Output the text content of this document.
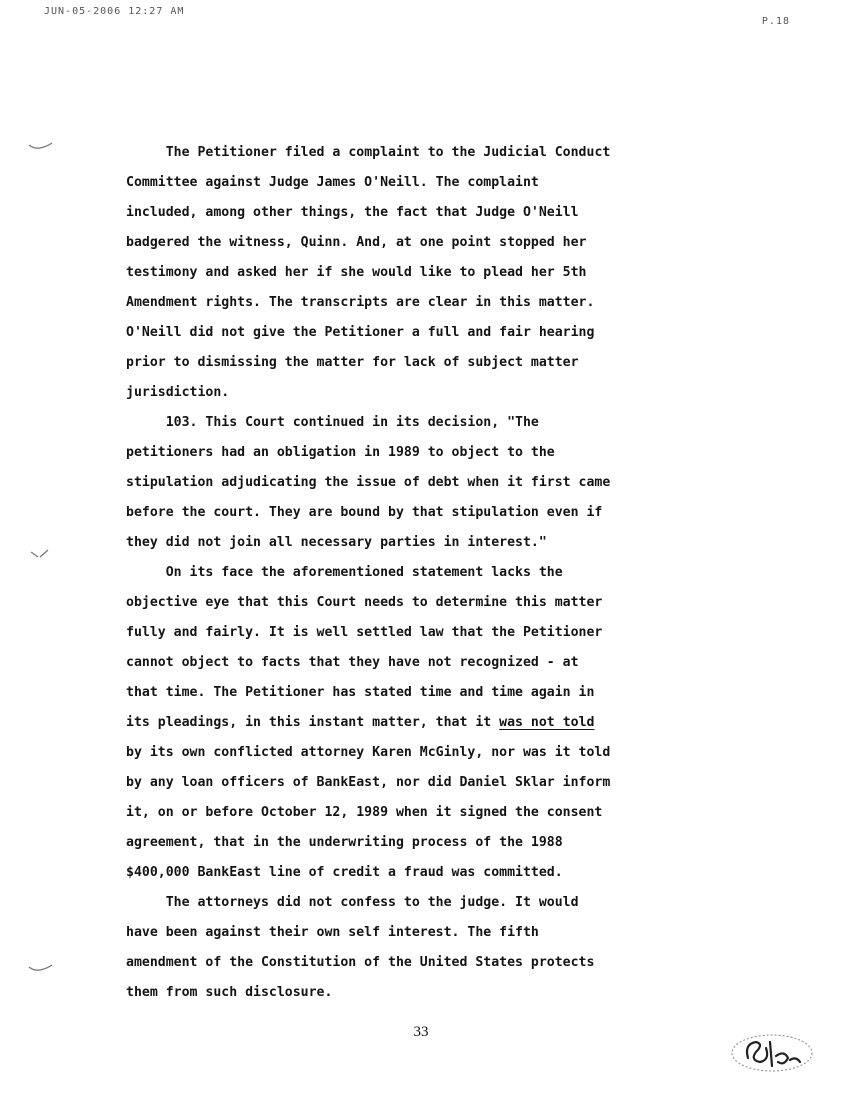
JUN-05-2006 12:27 AM
P.18

The Petitioner filed a complaint to the Judicial Conduct
Committee against Judge James O'Neill. The complaint
included, among other things, the fact that Judge O'Neill
badgered the witness, Quinn. And, at one point stopped her
testimony and asked her if she would like to plead her 5th
Amendment rights. The transcripts are clear in this matter.
O'Neill did not give the Petitioner a full and fair hearing
prior to dismissing the matter for lack of subject matter
jurisdiction.

103. This Court continued in its decision, "The
petitioners had an obligation in 1989 to object to the
stipulation adjudicating the issue of debt when it first came
before the court. They are bound by that stipulation even if
they did not join all necessary parties in interest."

On its face the aforementioned statement lacks the
objective eye that this Court needs to determine this matter
fully and fairly. It is well settled law that the Petitioner
cannot object to facts that they have not recognized - at
that time. The Petitioner has stated time and time again in
its pleadings, in this instant matter, that it was not told
by its own conflicted attorney Karen McGinly, nor was it told
by any loan officers of BankEast, nor did Daniel Sklar inform
it, on or before October 12, 1989 when it signed the consent
agreement, that in the underwriting process of the 1988
$400,000 BankEast line of credit a fraud was committed.

The attorneys did not confess to the judge. It would
have been against their own self interest. The fifth
amendment of the Constitution of the United States protects
them from such disclosure.

33
